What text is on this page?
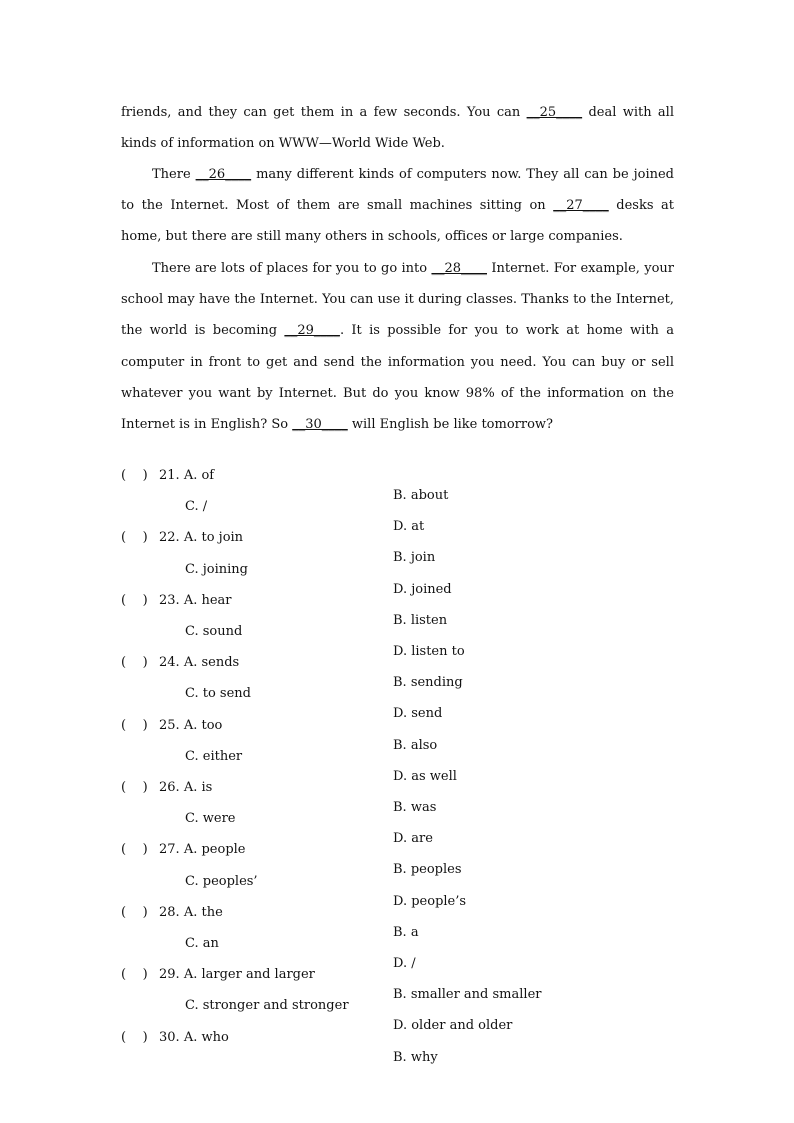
friends, and they can get them in a few seconds. You can __25____ deal with all kinds of information on WWW—World Wide Web.

There __26____ many different kinds of computers now. They all can be joined to the Internet. Most of them are small machines sitting on __27____ desks at home, but there are still many others in schools, offices or large companies.

There are lots of places for you to go into __28____ Internet. For example, your school may have the Internet. You can use it during classes. Thanks to the Internet, the world is becoming __29____. It is possible for you to work at home with a computer in front to get and send the information you need. You can buy or sell whatever you want by Internet. But do you know 98% of the information on the Internet is in English? So __30____ will English be like tomorrow?

(    ) 21. A. of

B. about

C. /

D. at

(    ) 22. A. to join

B. join

C. joining

D. joined

(    ) 23. A. hear

B. listen

C. sound

D. listen to

(    ) 24. A. sends

B. sending

C. to send

D. send

(    ) 25. A. too

B. also

C. either

D. as well

(    ) 26. A. is

B. was

C. were

D. are

(    ) 27. A. people

B. peoples

C. peoples’

D. people’s

(    ) 28. A. the

B. a

C. an

D. /

(    ) 29. A. larger and larger

B. smaller and smaller

C. stronger and stronger

D. older and older

(    ) 30. A. who

B. why
